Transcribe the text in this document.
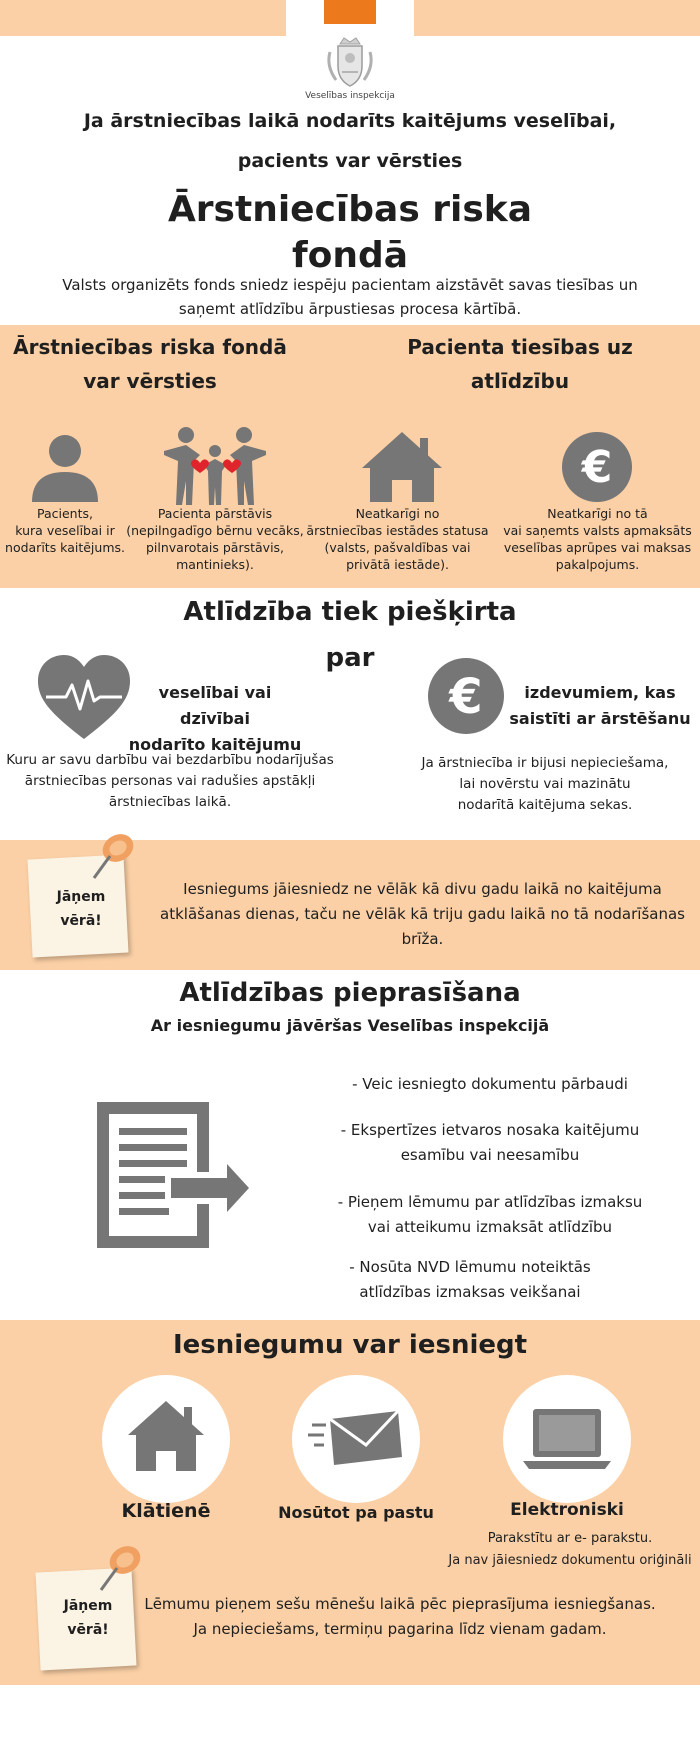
Veselības inspekcija
Ja ārstniecības laikā nodarīts kaitējums veselībai,
pacients var vērsties
Ārstniecības riska
fondā
Valsts organizēts fonds sniedz iespēju pacientam aizstāvēt savas tiesības un
saņemt atlīdzību ārpustiesas procesa kārtībā.
Ārstniecības riska fondā
var vērsties
Pacienta tiesības uz
atlīdzību
Pacients,
kura veselībai ir
nodarīts kaitējums.
Pacienta pārstāvis
(nepilngadīgo bērnu vecāks,
pilnvarotais pārstāvis,
mantinieks).
Neatkarīgi no
ārstniecības iestādes statusa
(valsts, pašvaldības vai
privātā iestāde).
€
Neatkarīgi no tā
vai saņemts valsts apmaksāts
veselības aprūpes vai maksas
pakalpojums.
Atlīdzība tiek piešķirta
par
veselībai vai dzīvībai
nodarīto kaitējumu
Kuru ar savu darbību vai bezdarbību nodarījušas
ārstniecības personas vai radušies apstākļi
ārstniecības laikā.
€	izdevumiem, kas
saistīti ar ārstēšanu
Ja ārstniecība ir bijusi nepieciešama,
lai novērstu vai mazinātu
nodarītā kaitējuma sekas.
Jāņem
vērā!
Iesniegums jāiesniedz ne vēlāk kā divu gadu laikā no kaitējuma
atklāšanas dienas, taču ne vēlāk kā triju gadu laikā no tā nodarīšanas brīža.
Atlīdzības pieprasīšana
Ar iesniegumu jāvēršas Veselības inspekcijā
- Veic iesniegto dokumentu pārbaudi
- Ekspertīzes ietvaros nosaka kaitējumu
esamību vai neesamību
- Pieņem lēmumu par atlīdzības izmaksu
vai atteikumu izmaksāt atlīdzību
- Nosūta NVD lēmumu noteiktās
atlīdzības izmaksas veikšanai
Iesniegumu var iesniegt
Klātienē	Nosūtot pa pastu	Elektroniski
Parakstītu ar e- parakstu.
Ja nav jāiesniedz dokumentu oriģināli
Jāņem
vērā!
Lēmumu pieņem sešu mēnešu laikā pēc pieprasījuma iesniegšanas.
Ja nepieciešams, termiņu pagarina līdz vienam gadam.
